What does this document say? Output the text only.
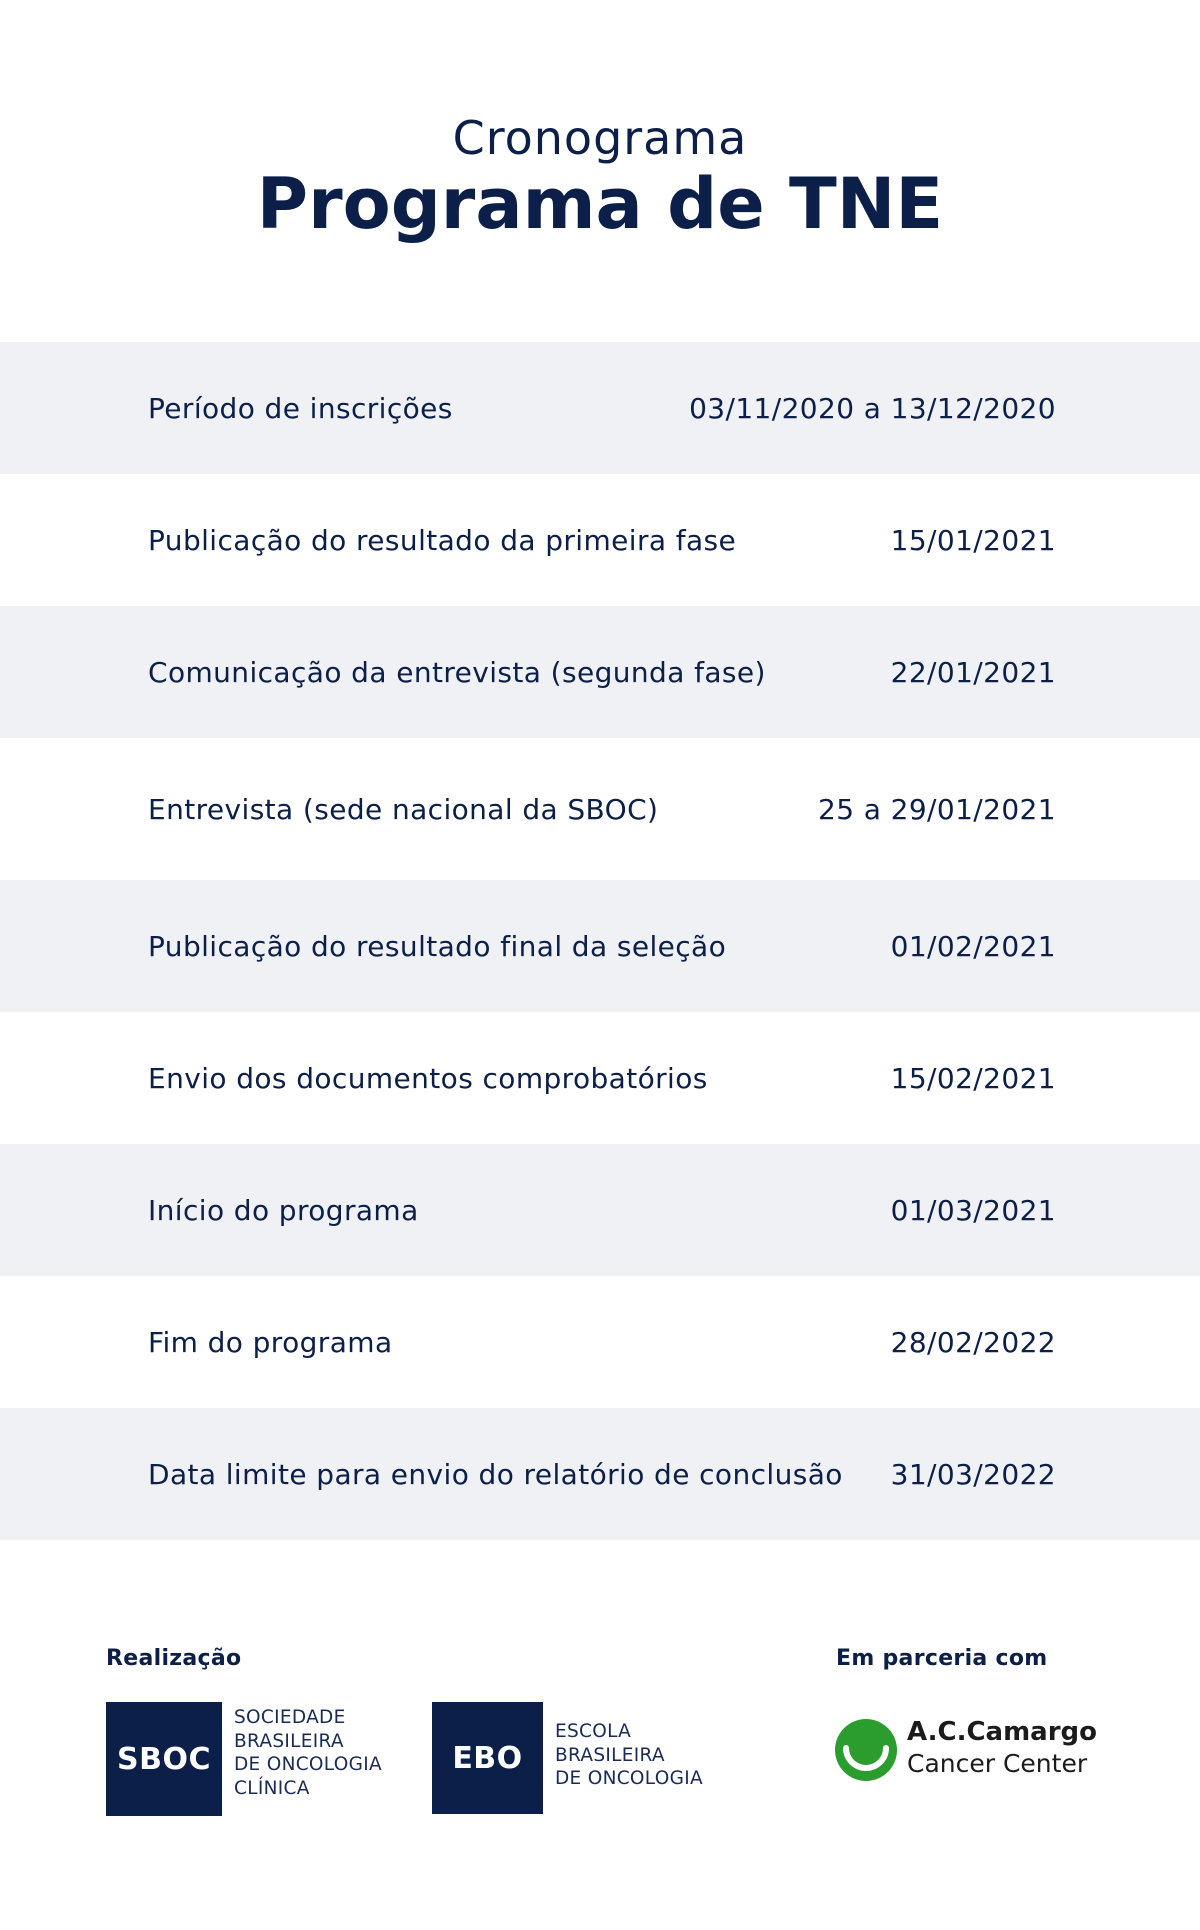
Cronograma
Programa de TNE
Período de inscrições	03/11/2020 a 13/12/2020
Publicação do resultado da primeira fase	15/01/2021
Comunicação da entrevista (segunda fase)	22/01/2021
Entrevista (sede nacional da SBOC)	25 a 29/01/2021
Publicação do resultado final da seleção	01/02/2021
Envio dos documentos comprobatórios	15/02/2021
Início do programa	01/03/2021
Fim do programa	28/02/2022
Data limite para envio do relatório de conclusão 31/03/2022
Realização	Em parceria com
SBOC
SOCIEDADE
BRASILEIRA
DE ONCOLOGIA
CLÍNICA
EBO
ESCOLA
BRASILEIRA
DE ONCOLOGIA
A.C.Camargo
Cancer Center
